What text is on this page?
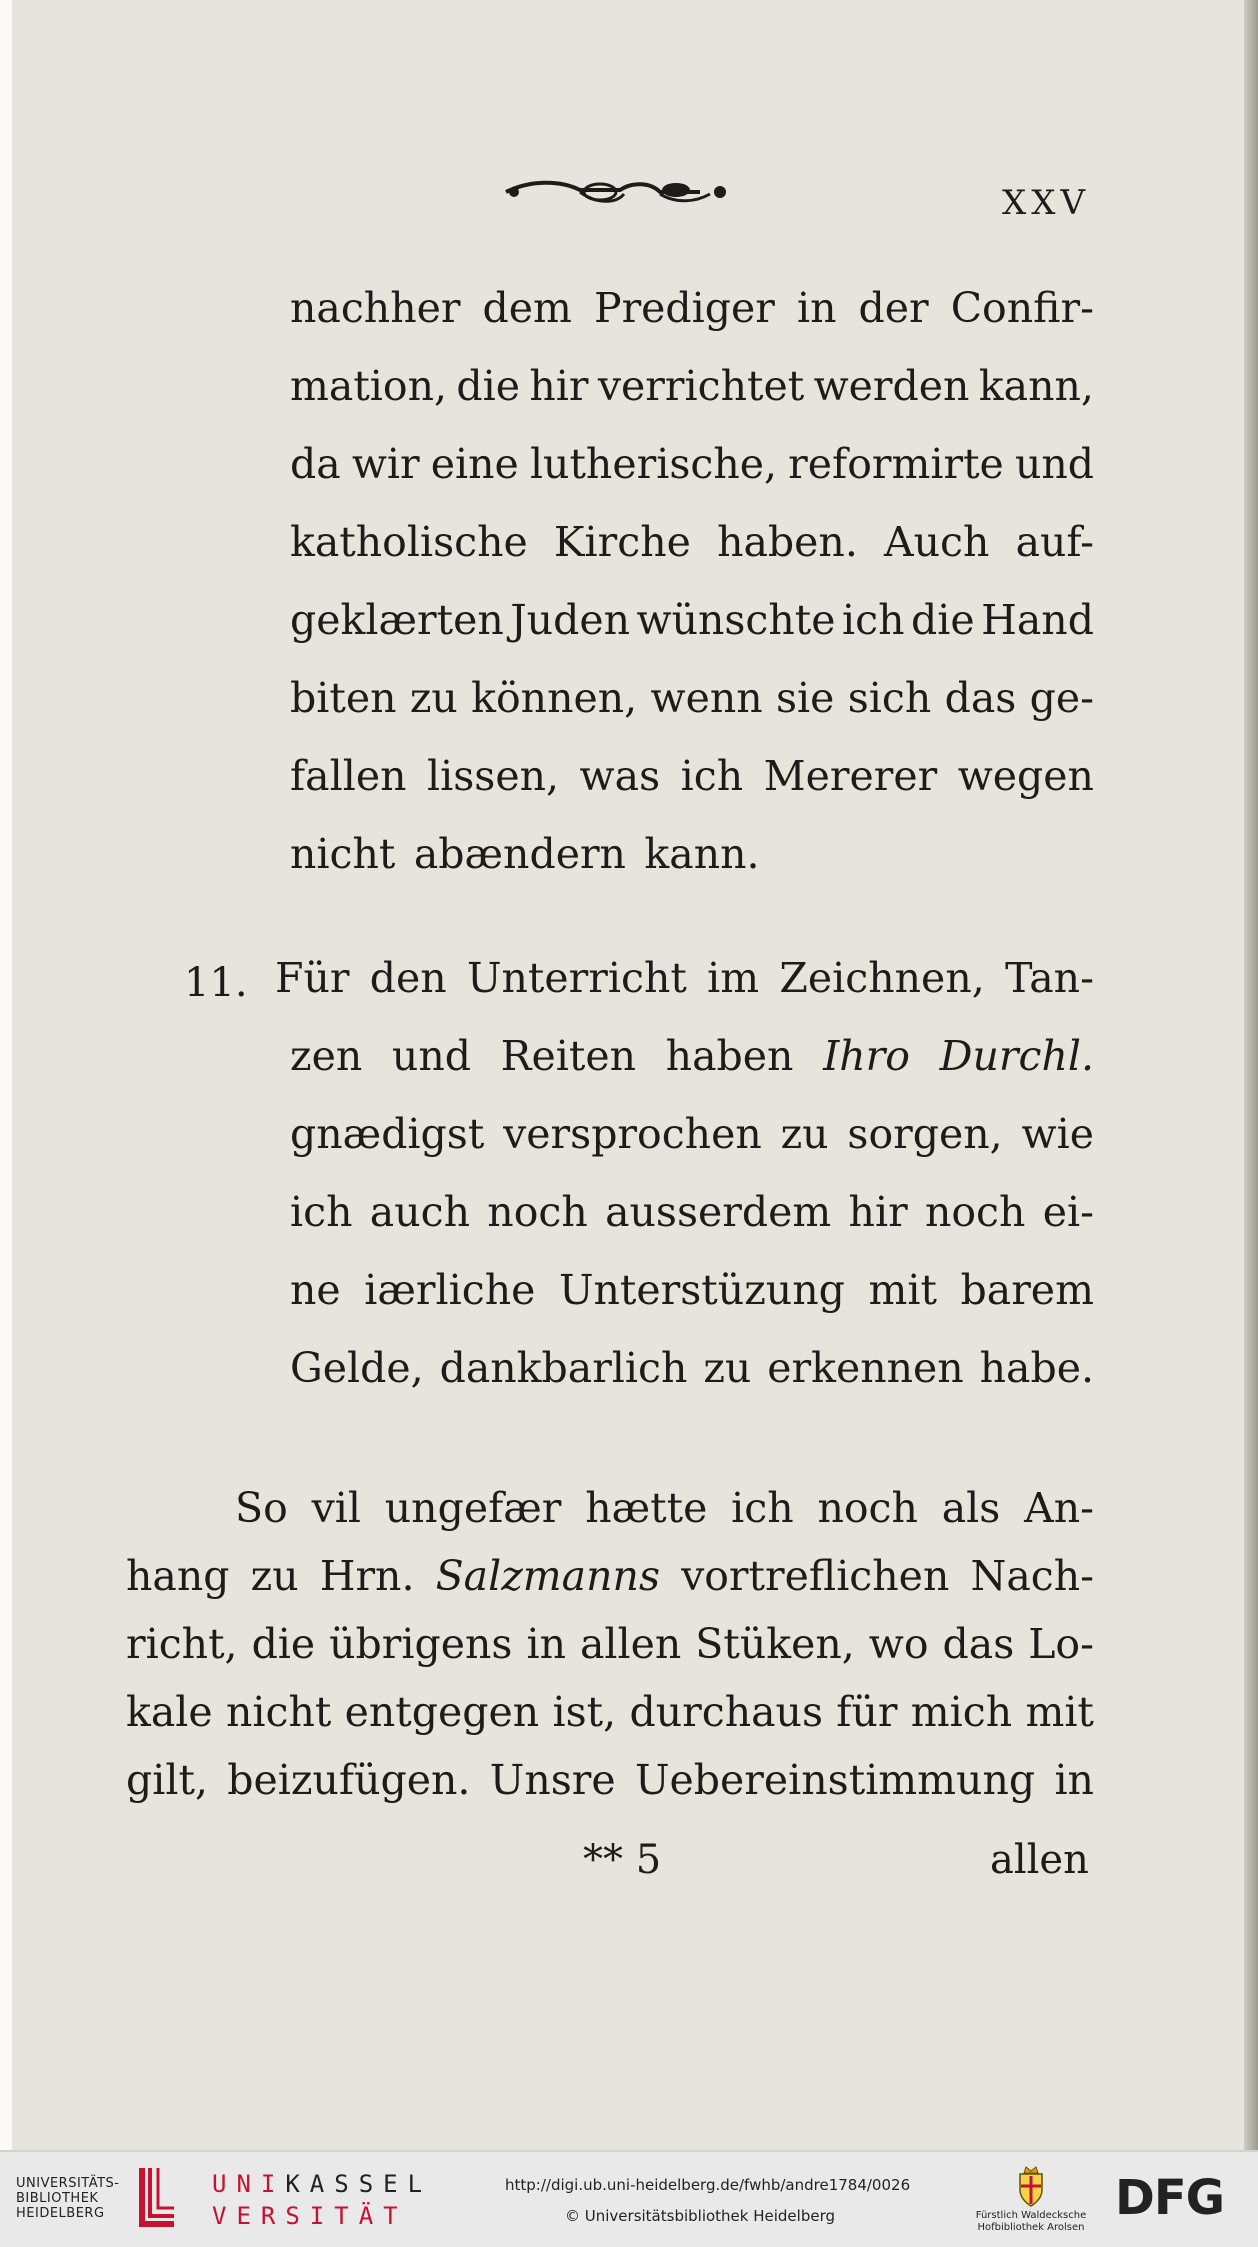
XXV
nachher dem Prediger in der Confir-
mation, die hir verrichtet werden kann,
da wir eine lutherische, reformirte und
katholische Kirche haben. Auch auf-
geklærten Juden wünschte ich die Hand
biten zu können, wenn sie sich das ge-
fallen lissen, was ich Mererer wegen
nicht abændern kann.
11. Für den Unterricht im Zeichnen, Tan-
zen und Reiten haben Ihro Durchl.
gnædigst versprochen zu sorgen, wie
ich auch noch ausserdem hir noch ei-
ne iærliche Unterstüzung mit barem
Gelde, dankbarlich zu erkennen habe.
So vil ungefær hætte ich noch als An-
hang zu Hrn. Salzmanns vortreflichen Nach-
richt, die übrigens in allen Stüken, wo das Lo-
kale nicht entgegen ist, durchaus für mich mit
gilt, beizufügen. Unsre Uebereinstimmung in
** 5	allen
UNIVERSITÄTS-
BIBLIOTHEK
HEIDELBERG
UNIKASSEL
VERSITÄT
http://digi.ub.uni-heidelberg.de/fwhb/andre1784/0026
© Universitätsbibliothek Heidelberg	Fürstlich Waldecksche
Hofbibliothek Arolsen
DFG
